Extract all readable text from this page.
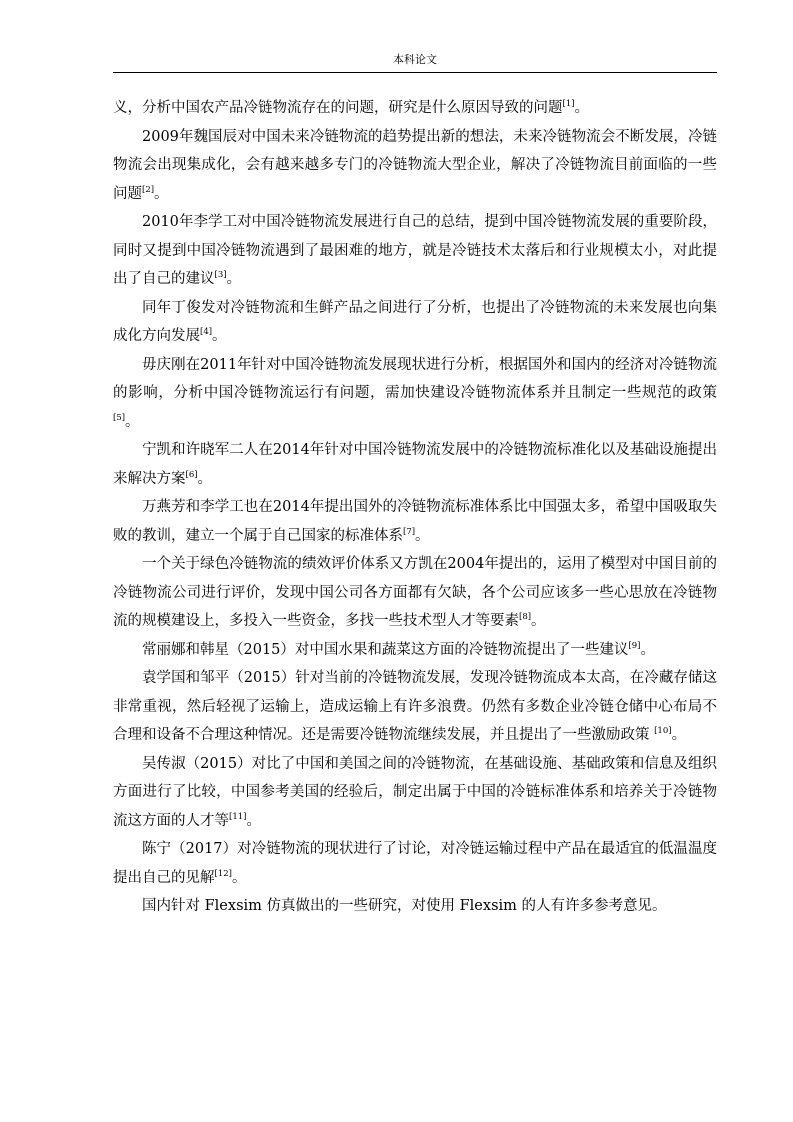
本科论文

义，分析中国农产品冷链物流存在的问题，研究是什么原因导致的问题[1]。

2009年魏国辰对中国未来冷链物流的趋势提出新的想法，未来冷链物流会不断发展，冷链物流会出现集成化，会有越来越多专门的冷链物流大型企业，解决了冷链物流目前面临的一些问题[2]。

2010年李学工对中国冷链物流发展进行自己的总结，提到中国冷链物流发展的重要阶段，同时又提到中国冷链物流遇到了最困难的地方，就是冷链技术太落后和行业规模太小，对此提出了自己的建议[3]。

同年丁俊发对冷链物流和生鲜产品之间进行了分析，也提出了冷链物流的未来发展也向集成化方向发展[4]。

毋庆刚在2011年针对中国冷链物流发展现状进行分析，根据国外和国内的经济对冷链物流的影响，分析中国冷链物流运行有问题，需加快建设冷链物流体系并且制定一些规范的政策[5]。

宁凯和许晓军二人在2014年针对中国冷链物流发展中的冷链物流标准化以及基础设施提出来解决方案[6]。

万燕芳和李学工也在2014年提出国外的冷链物流标准体系比中国强太多，希望中国吸取失败的教训，建立一个属于自己国家的标准体系[7]。

一个关于绿色冷链物流的绩效评价体系又方凯在2004年提出的，运用了模型对中国目前的冷链物流公司进行评价，发现中国公司各方面都有欠缺，各个公司应该多一些心思放在冷链物流的规模建设上，多投入一些资金，多找一些技术型人才等要素[8]。

常丽娜和韩星（2015）对中国水果和蔬菜这方面的冷链物流提出了一些建议[9]。

袁学国和邹平（2015）针对当前的冷链物流发展，发现冷链物流成本太高，在冷藏存储这非常重视，然后轻视了运输上，造成运输上有许多浪费。仍然有多数企业冷链仓储中心布局不合理和设备不合理这种情况。还是需要冷链物流继续发展，并且提出了一些激励政策 [10]。

吴传淑（2015）对比了中国和美国之间的冷链物流，在基础设施、基础政策和信息及组织方面进行了比较，中国参考美国的经验后，制定出属于中国的冷链标准体系和培养关于冷链物流这方面的人才等[11]。

陈宁（2017）对冷链物流的现状进行了讨论，对冷链运输过程中产品在最适宜的低温温度提出自己的见解[12]。

国内针对 Flexsim 仿真做出的一些研究，对使用 Flexsim 的人有许多参考意见。
